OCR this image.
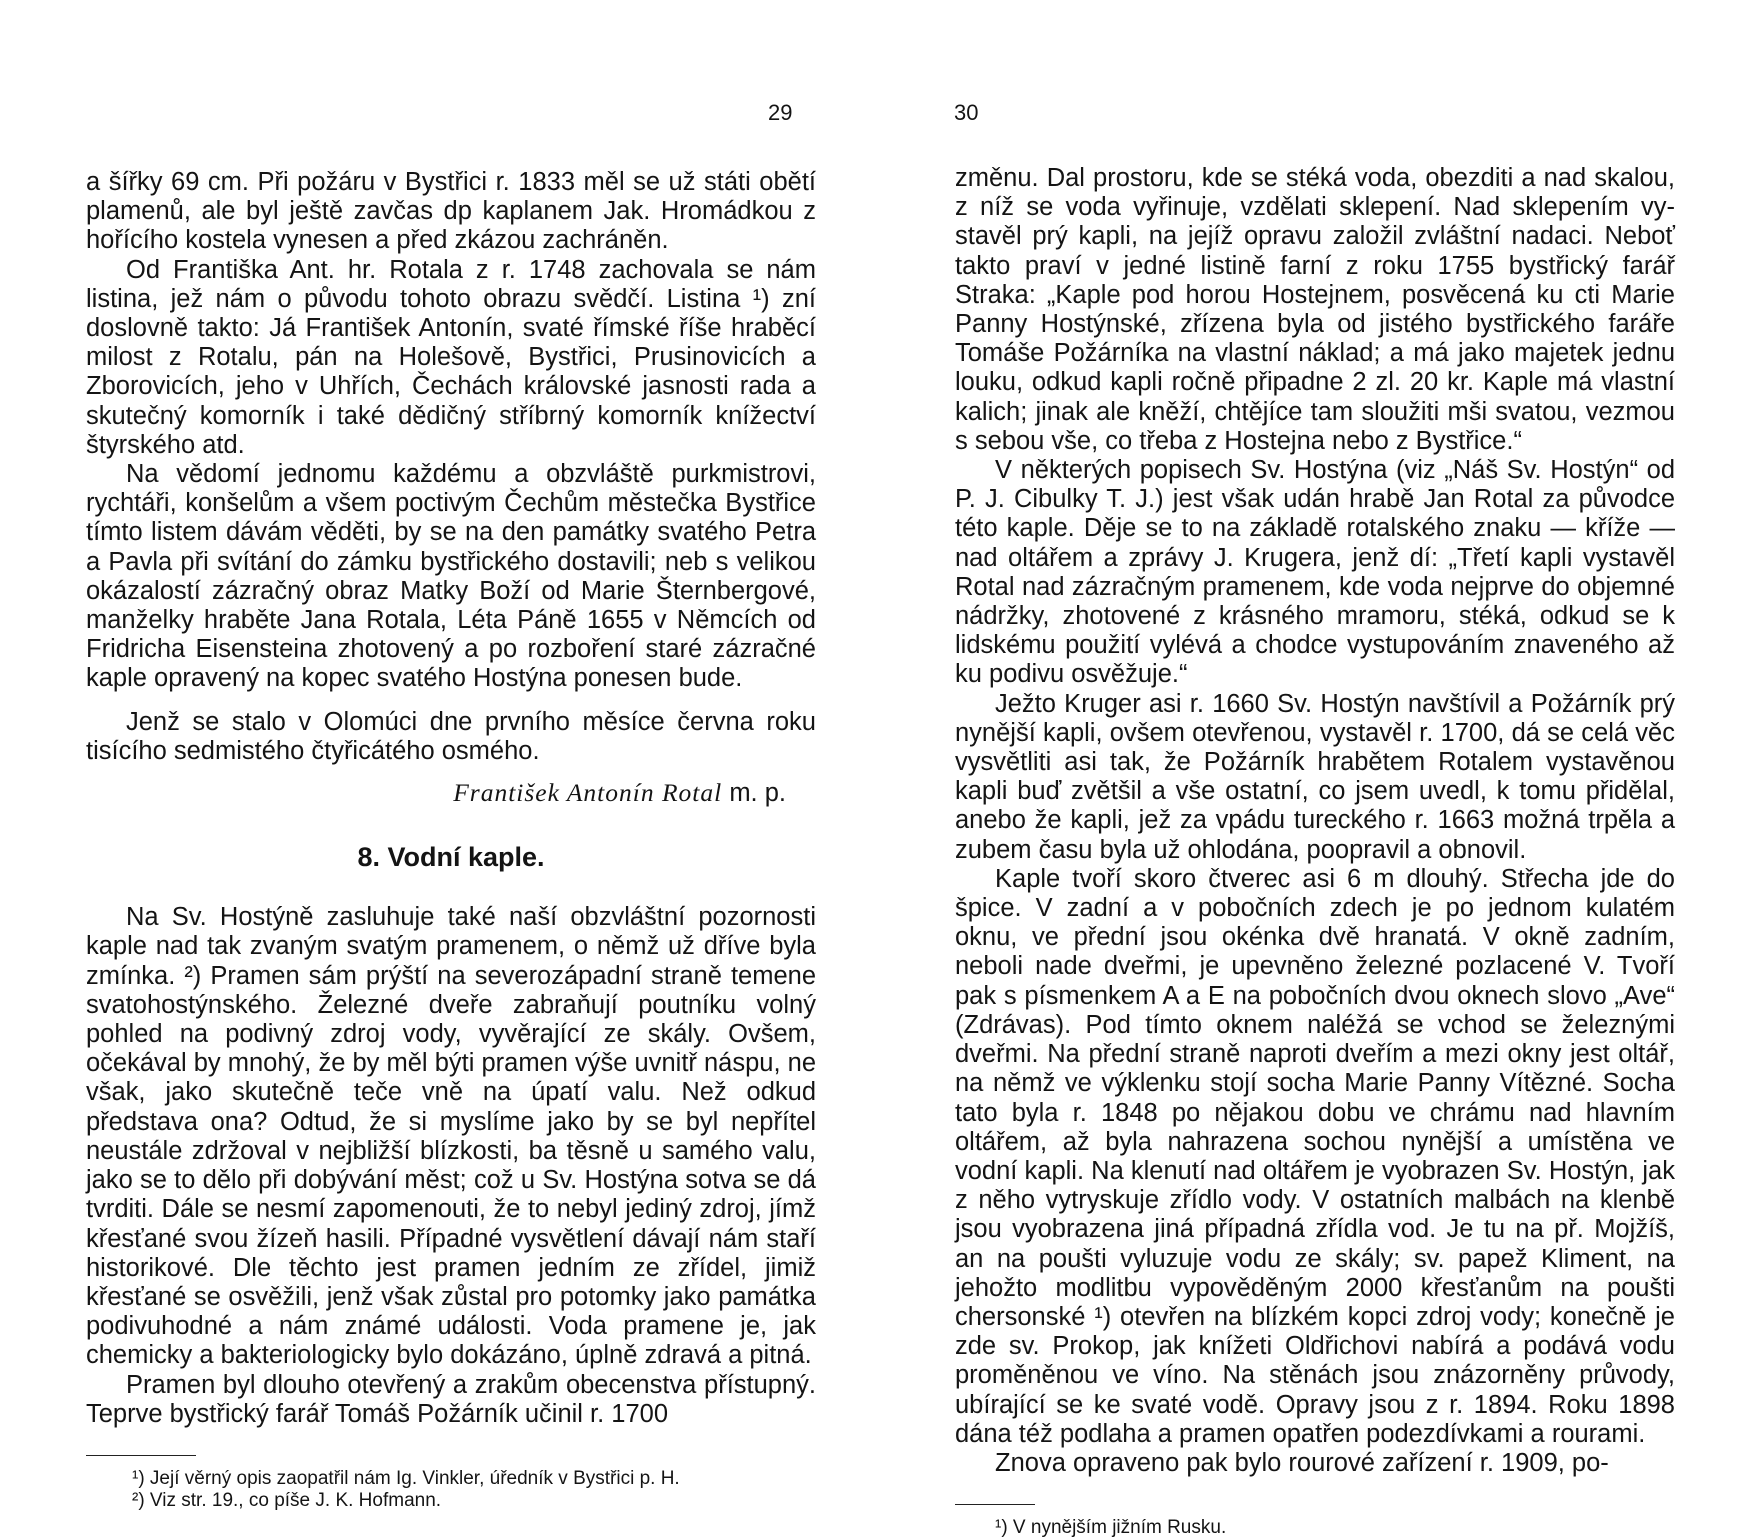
29

a šířky 69 cm. Při požáru v Bystřici r. 1833 měl se už státi obětí plamenů, ale byl ještě zavčas dp kaplanem Jak. Hromádkou z hořícího kostela vynesen a před zkázou zachráněn.

Od Františka Ant. hr. Rotala z r. 1748 zachovala se nám listina, jež nám o původu tohoto obrazu svědčí. Listina ¹) zní doslovně takto: Já František Antonín, svaté římské říše hraběcí milost z Rotalu, pán na Holešově, Bystřici, Prusinovicích a Zborovicích, jeho v Uhřích, Čechách královské jasnosti rada a skutečný komorník i také dědičný stříbrný komorník knížectví štyrského atd.

Na vědomí jednomu každému a obzvláště purkmistrovi, rychtáři, konšelům a všem poctivým Čechům městečka Bystřice tímto listem dávám věděti, by se na den památky svatého Petra a Pavla při svítání do zámku bystřického dostavili; neb s velikou okázalostí zázračný obraz Matky Boží od Marie Šternbergové, manželky hraběte Jana Rotala, Léta Páně 1655 v Němcích od Fridricha Eisensteina zhotovený a po rozboření staré zázračné kaple opravený na kopec svatého Hostýna ponesen bude.

Jenž se stalo v Olomúci dne prvního měsíce června roku tisícího sedmistého čtyřicátého osmého.

František Antonín Rotal m. p.

8. Vodní kaple.

Na Sv. Hostýně zasluhuje také naší obzvláštní pozornosti kaple nad tak zvaným svatým pramenem, o němž už dříve byla zmínka. ²) Pramen sám prýští na severozápadní straně temene svatohostýnského. Železné dveře zabraňují poutníku volný pohled na podivný zdroj vody, vyvěrající ze skály. Ovšem, očekával by mnohý, že by měl býti pramen výše uvnitř náspu, ne však, jako skutečně teče vně na úpatí valu. Než odkud představa ona? Odtud, že si myslíme jako by se byl nepřítel neustále zdržoval v nejbližší blízkosti, ba těsně u samého valu, jako se to dělo při dobývání měst; což u Sv. Hostýna sotva se dá tvrditi. Dále se nesmí zapomenouti, že to nebyl jediný zdroj, jímž křesťané svou žízeň hasili. Případné vysvětlení dávají nám staří historikové. Dle těchto jest pramen jedním ze zřídel, jimiž křesťané se osvěžili, jenž však zůstal pro potomky jako památka podivuhodné a nám známé události. Voda pramene je, jak chemicky a bakteriologicky bylo dokázáno, úplně zdravá a pitná.

Pramen byl dlouho otevřený a zrakům obecenstva přístupný. Teprve bystřický farář Tomáš Požárník učinil r. 1700

¹) Její věrný opis zaopatřil nám Ig. Vinkler, úředník v Bystřici p. H.

²) Viz str. 19., co píše J. K. Hofmann.

30

změnu. Dal prostoru, kde se stéká voda, obezditi a nad skalou, z níž se voda vyřinuje, vzdělati sklepení. Nad sklepením vystavěl prý kapli, na jejíž opravu založil zvláštní nadaci. Neboť takto praví v jedné listině farní z roku 1755 bystřický farář Straka: „Kaple pod horou Hostejnem, posvěcená ku cti Marie Panny Hostýnské, zřízena byla od jistého bystřického faráře Tomáše Požárníka na vlastní náklad; a má jako majetek jednu louku, odkud kapli ročně připadne 2 zl. 20 kr. Kaple má vlastní kalich; jinak ale kněží, chtějíce tam sloužiti mši svatou, vezmou s sebou vše, co třeba z Hostejna nebo z Bystřice.“

V některých popisech Sv. Hostýna (viz „Náš Sv. Hostýn“ od P. J. Cibulky T. J.) jest však udán hrabě Jan Rotal za původce této kaple. Děje se to na základě rotalského znaku — kříže — nad oltářem a zprávy J. Krugera, jenž dí: „Třetí kapli vystavěl Rotal nad zázračným pramenem, kde voda nejprve do objemné nádržky, zhotovené z krásného mramoru, stéká, odkud se k lidskému použití vylévá a chodce vystupováním znaveného až ku podivu osvěžuje.“

Ježto Kruger asi r. 1660 Sv. Hostýn navštívil a Požárník prý nynější kapli, ovšem otevřenou, vystavěl r. 1700, dá se celá věc vysvětliti asi tak, že Požárník hrabětem Rotalem vystavěnou kapli buď zvětšil a vše ostatní, co jsem uvedl, k tomu přidělal, anebo že kapli, jež za vpádu tureckého r. 1663 možná trpěla a zubem času byla už ohlodána, poopravil a obnovil.

Kaple tvoří skoro čtverec asi 6 m dlouhý. Střecha jde do špice. V zadní a v pobočních zdech je po jednom kulatém oknu, ve přední jsou okénka dvě hranatá. V okně zadním, neboli nade dveřmi, je upevněno železné pozlacené V. Tvoří pak s písmenkem A a E na pobočních dvou oknech slovo „Ave“ (Zdrávas). Pod tímto oknem naléžá se vchod se železnými dveřmi. Na přední straně naproti dveřím a mezi okny jest oltář, na němž ve výklenku stojí socha Marie Panny Vítězné. Socha tato byla r. 1848 po nějakou dobu ve chrámu nad hlavním oltářem, až byla nahrazena sochou nynější a umístěna ve vodní kapli. Na klenutí nad oltářem je vyobrazen Sv. Hostýn, jak z něho vytryskuje zřídlo vody. V ostatních malbách na klenbě jsou vyobrazena jiná případná zřídla vod. Je tu na př. Mojžíš, an na poušti vyluzuje vodu ze skály; sv. papež Kliment, na jehožto modlitbu vypověděným 2000 křesťanům na poušti chersonské ¹) otevřen na blízkém kopci zdroj vody; konečně je zde sv. Prokop, jak knížeti Oldřichovi nabírá a podává vodu proměněnou ve víno. Na stěnách jsou znázorněny průvody, ubírající se ke svaté vodě. Opravy jsou z r. 1894. Roku 1898 dána též podlaha a pramen opatřen podezdívkami a rourami.

Znova opraveno pak bylo rourové zařízení r. 1909, po-

¹) V nynějším jižním Rusku.
